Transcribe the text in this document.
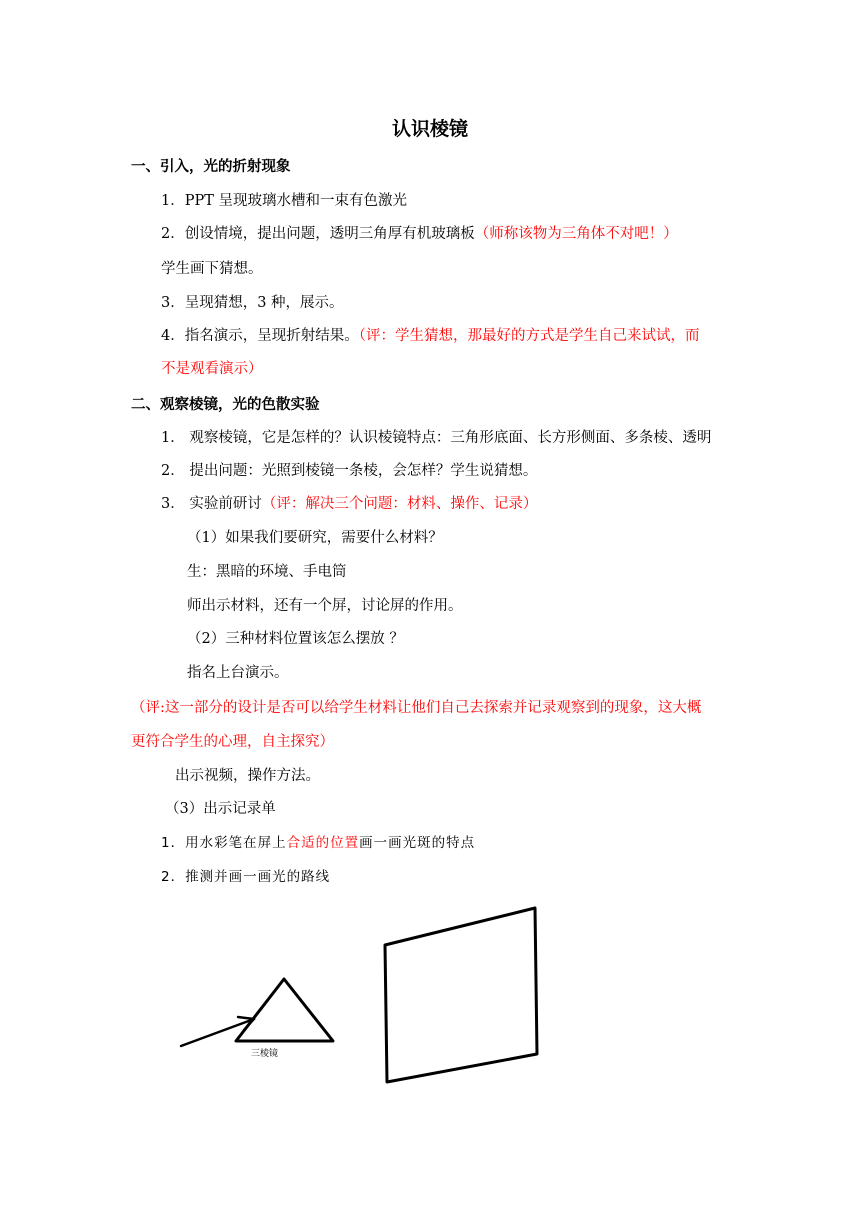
认识棱镜
一、引入，光的折射现象
1．PPT 呈现玻璃水槽和一束有色激光
2．创设情境，提出问题，透明三角厚有机玻璃板（师称该物为三角体不对吧！）
学生画下猜想。
3．呈现猜想，3 种，展示。
4．指名演示，呈现折射结果。（评：学生猜想，那最好的方式是学生自己来试试，而
不是观看演示）
二、观察棱镜，光的色散实验
1． 观察棱镜，它是怎样的？认识棱镜特点：三角形底面、长方形侧面、多条棱、透明
2． 提出问题：光照到棱镜一条棱，会怎样？学生说猜想。
3． 实验前研讨（评：解决三个问题：材料、操作、记录）
（1）如果我们要研究，需要什么材料？
生：黑暗的环境、手电筒
师出示材料，还有一个屏，讨论屏的作用。
（2）三种材料位置该怎么摆放 ？
指名上台演示。
（评:这一部分的设计是否可以给学生材料让他们自己去探索并记录观察到的现象，这大概
更符合学生的心理，自主探究）
出示视频，操作方法。
（3）出示记录单
1．用水彩笔在屏上合适的位置画一画光斑的特点
2．推测并画一画光的路线
三棱镜
